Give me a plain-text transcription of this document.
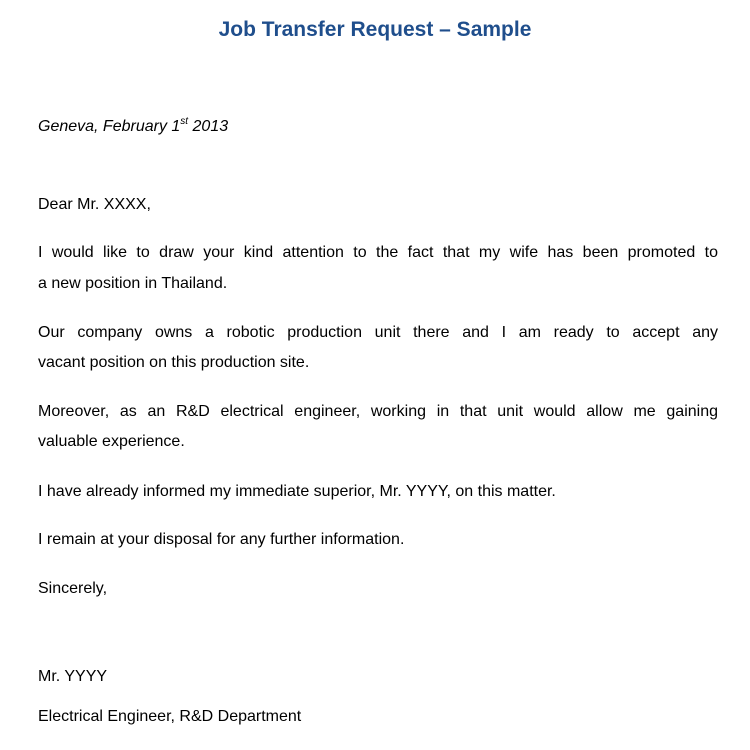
Job Transfer Request – Sample

Geneva, February 1st 2013

Dear Mr. XXXX,

I would like to draw your kind attention to the fact that my wife has been promoted to

a new position in Thailand.

Our company owns a robotic production unit there and I am ready to accept any

vacant position on this production site.

Moreover, as an R&D electrical engineer, working in that unit would allow me gaining

valuable experience.

I have already informed my immediate superior, Mr. YYYY, on this matter.

I remain at your disposal for any further information.

Sincerely,

Mr. YYYY

Electrical Engineer, R&D Department
